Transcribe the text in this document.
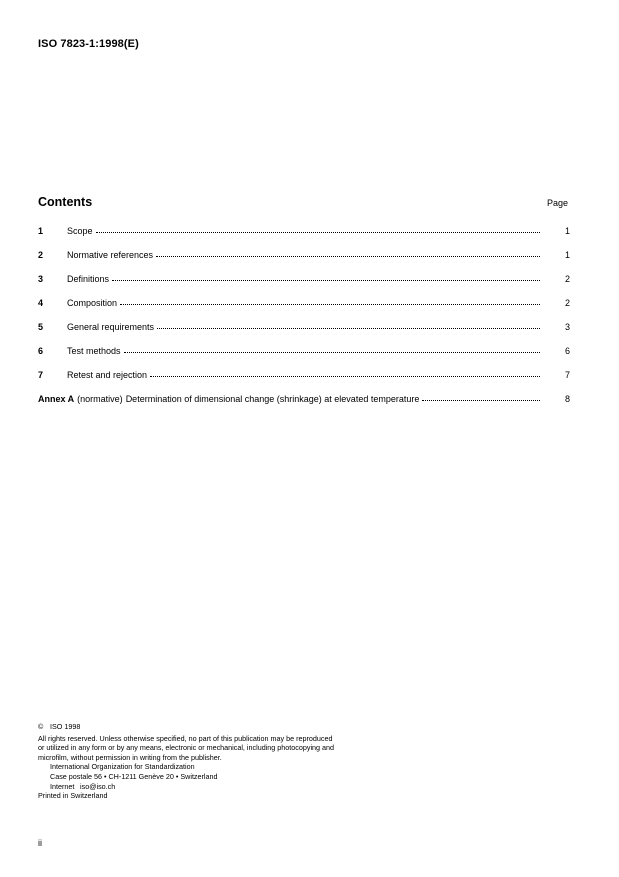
ISO 7823-1:1998(E)
Contents	Page
1	Scope	1
2	Normative references	1
3	Definitions	2
4	Composition	2
5	General requirements	3
6	Test methods	6
7	Retest and rejection	7
Annex A (normative) Determination of dimensional change (shrinkage) at elevated temperature	8
© ISO 1998
All rights reserved. Unless otherwise specified, no part of this publication may be reproduced
or utilized in any form or by any means, electronic or mechanical, including photocopying and
microfilm, without permission in writing from the publisher.
International Organization for Standardization
Case postale 56 • CH-1211 Genève 20 • Switzerland
Internet iso@iso.ch
Printed in Switzerland
ii
